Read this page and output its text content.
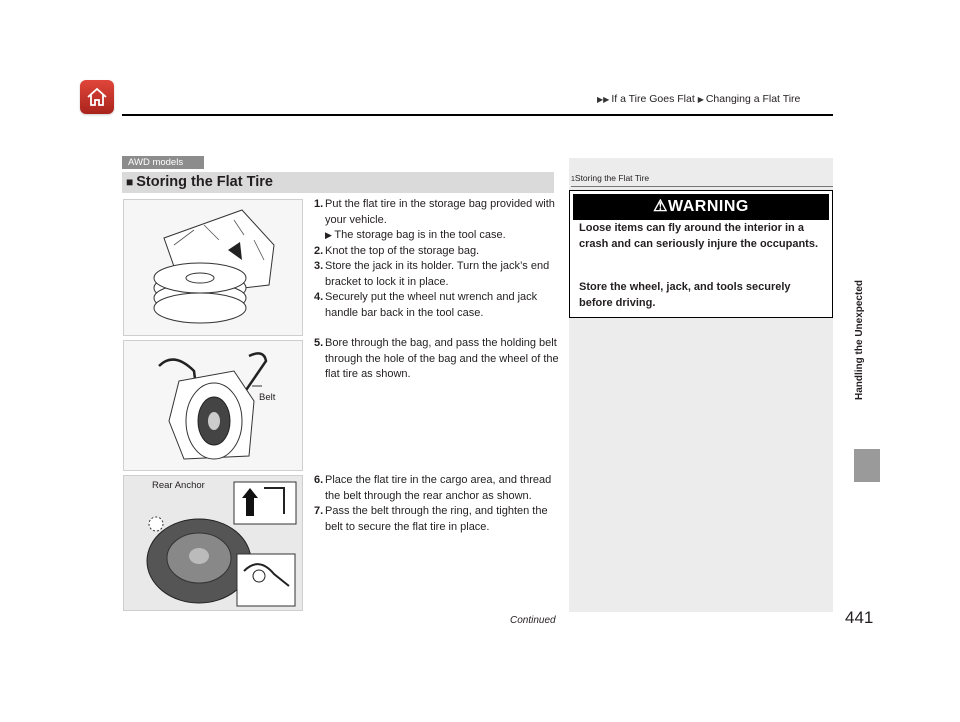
▶▶ If a Tire Goes Flat ▶ Changing a Flat Tire
AWD models
■ Storing the Flat Tire
Belt
Rear Anchor
1. Put the flat tire in the storage bag provided with your vehicle.
▶ The storage bag is in the tool case.
2. Knot the top of the storage bag.
3. Store the jack in its holder. Turn the jack’s end bracket to lock it in place.
4. Securely put the wheel nut wrench and jack handle bar back in the tool case.
5. Bore through the bag, and pass the holding belt through the hole of the bag and the wheel of the flat tire as shown.
6. Place the flat tire in the cargo area, and thread the belt through the rear anchor as shown.
7. Pass the belt through the ring, and tighten the belt to secure the flat tire in place.
1Storing the Flat Tire
⚠WARNING
Loose items can fly around the interior in a crash and can seriously injure the occupants.
Store the wheel, jack, and tools securely before driving.	Handling the Unexpected
Continued	441
